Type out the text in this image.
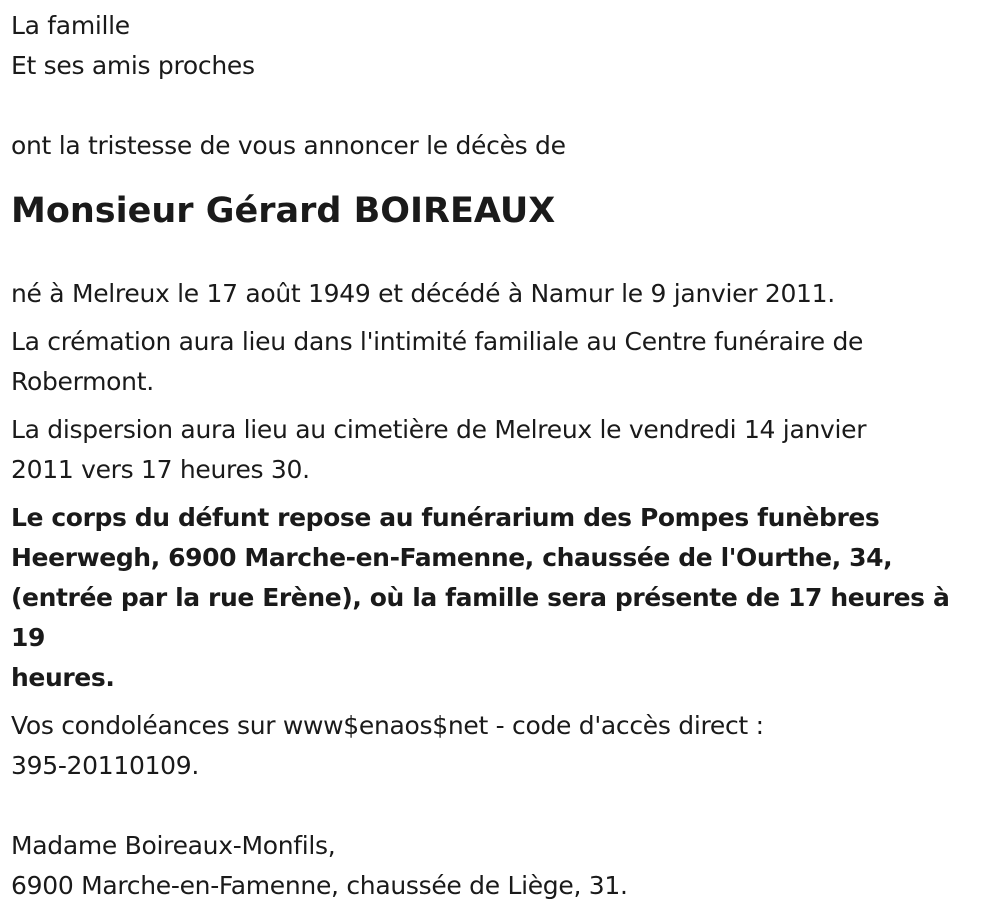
La famille

Et ses amis proches

ont la tristesse de vous annoncer le décès de

Monsieur Gérard BOIREAUX

né à Melreux le 17 août 1949 et décédé à Namur le 9 janvier 2011.

La crémation aura lieu dans l'intimité familiale au Centre funéraire de

Robermont.

La dispersion aura lieu au cimetière de Melreux le vendredi 14 janvier

2011 vers 17 heures 30.

Le corps du défunt repose au funérarium des Pompes funèbres

Heerwegh, 6900 Marche-en-Famenne, chaussée de l'Ourthe, 34,

(entrée par la rue Erène), où la famille sera présente de 17 heures à 19

heures.

Vos condoléances sur www$enaos$net - code d'accès direct :

395-20110109.

Madame Boireaux-Monfils,

6900 Marche-en-Famenne, chaussée de Liège, 31.
